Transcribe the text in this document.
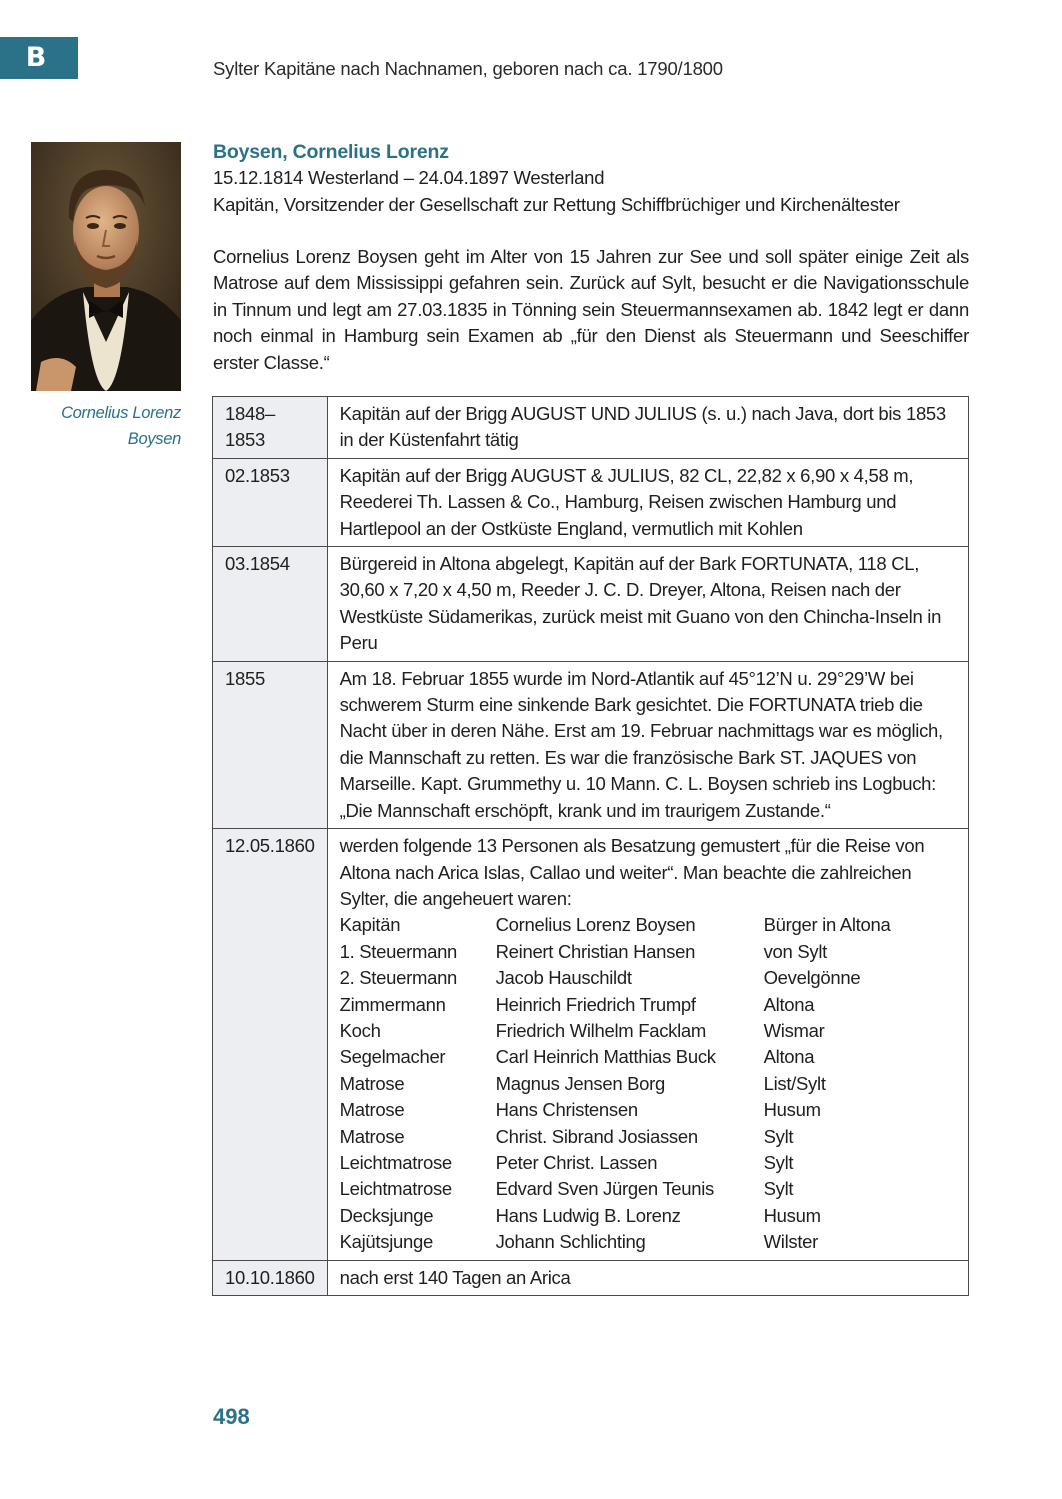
B	Sylter Kapitäne nach Nachnamen, geboren nach ca. 1790/1800
Cornelius Lorenz
Boysen
Boysen, Cornelius Lorenz
15.12.1814 Westerland – 24.04.1897 Westerland
Kapitän, Vorsitzender der Gesellschaft zur Rettung Schiffbrüchiger und Kirchenältester
Cornelius Lorenz Boysen geht im Alter von 15 Jahren zur See und soll später einige Zeit als Matrose auf dem Mississippi gefahren sein. Zurück auf Sylt, besucht er die Navigationsschule in Tinnum und legt am 27.03.1835 in Tönning sein Steuermannsexamen ab. 1842 legt er dann noch einmal in Hamburg sein Examen ab „für den Dienst als Steuermann und Seeschiffer erster Classe.“
1848–1853	Kapitän auf der Brigg AUGUST UND JULIUS (s. u.) nach Java, dort bis 1853 in der Küstenfahrt tätig
02.1853	Kapitän auf der Brigg AUGUST & JULIUS, 82 CL, 22,82 x 6,90 x 4,58 m, Reederei Th. Lassen & Co., Hamburg, Reisen zwischen Hamburg und Hartlepool an der Ostküste England, vermutlich mit Kohlen
03.1854	Bürgereid in Altona abgelegt, Kapitän auf der Bark FORTUNATA, 118 CL, 30,60 x 7,20 x 4,50 m, Reeder J. C. D. Dreyer, Altona, Reisen nach der Westküste Südamerikas, zurück meist mit Guano von den Chincha-Inseln in Peru
1855	Am 18. Februar 1855 wurde im Nord-Atlantik auf 45°12’N u. 29°29’W bei schwerem Sturm eine sinkende Bark gesichtet. Die FORTUNATA trieb die Nacht über in deren Nähe. Erst am 19. Februar nachmittags war es möglich, die Mannschaft zu retten. Es war die französische Bark ST. JAQUES von Marseille. Kapt. Grummethy u. 10 Mann. C. L. Boysen schrieb ins Logbuch: „Die Mannschaft erschöpft, krank und im traurigem Zustande.“
12.05.1860	werden folgende 13 Personen als Besatzung gemustert „für die Reise von Altona nach Arica Islas, Callao und weiter“. Man beachte die zahlreichen Sylter, die angeheuert waren:
Kapitän	Cornelius Lorenz Boysen	Bürger in Altona
1. Steuermann	Reinert Christian Hansen	von Sylt
2. Steuermann	Jacob Hauschildt	Oevelgönne
Zimmermann	Heinrich Friedrich Trumpf	Altona
Koch	Friedrich Wilhelm Facklam	Wismar
Segelmacher	Carl Heinrich Matthias Buck	Altona
Matrose	Magnus Jensen Borg	List/Sylt
Matrose	Hans Christensen	Husum
Matrose	Christ. Sibrand Josiassen	Sylt
Leichtmatrose	Peter Christ. Lassen	Sylt
Leichtmatrose	Edvard Sven Jürgen Teunis	Sylt
Decksjunge	Hans Ludwig B. Lorenz	Husum
Kajütsjunge	Johann Schlichting	Wilster

10.10.1860	nach erst 140 Tagen an Arica
498
